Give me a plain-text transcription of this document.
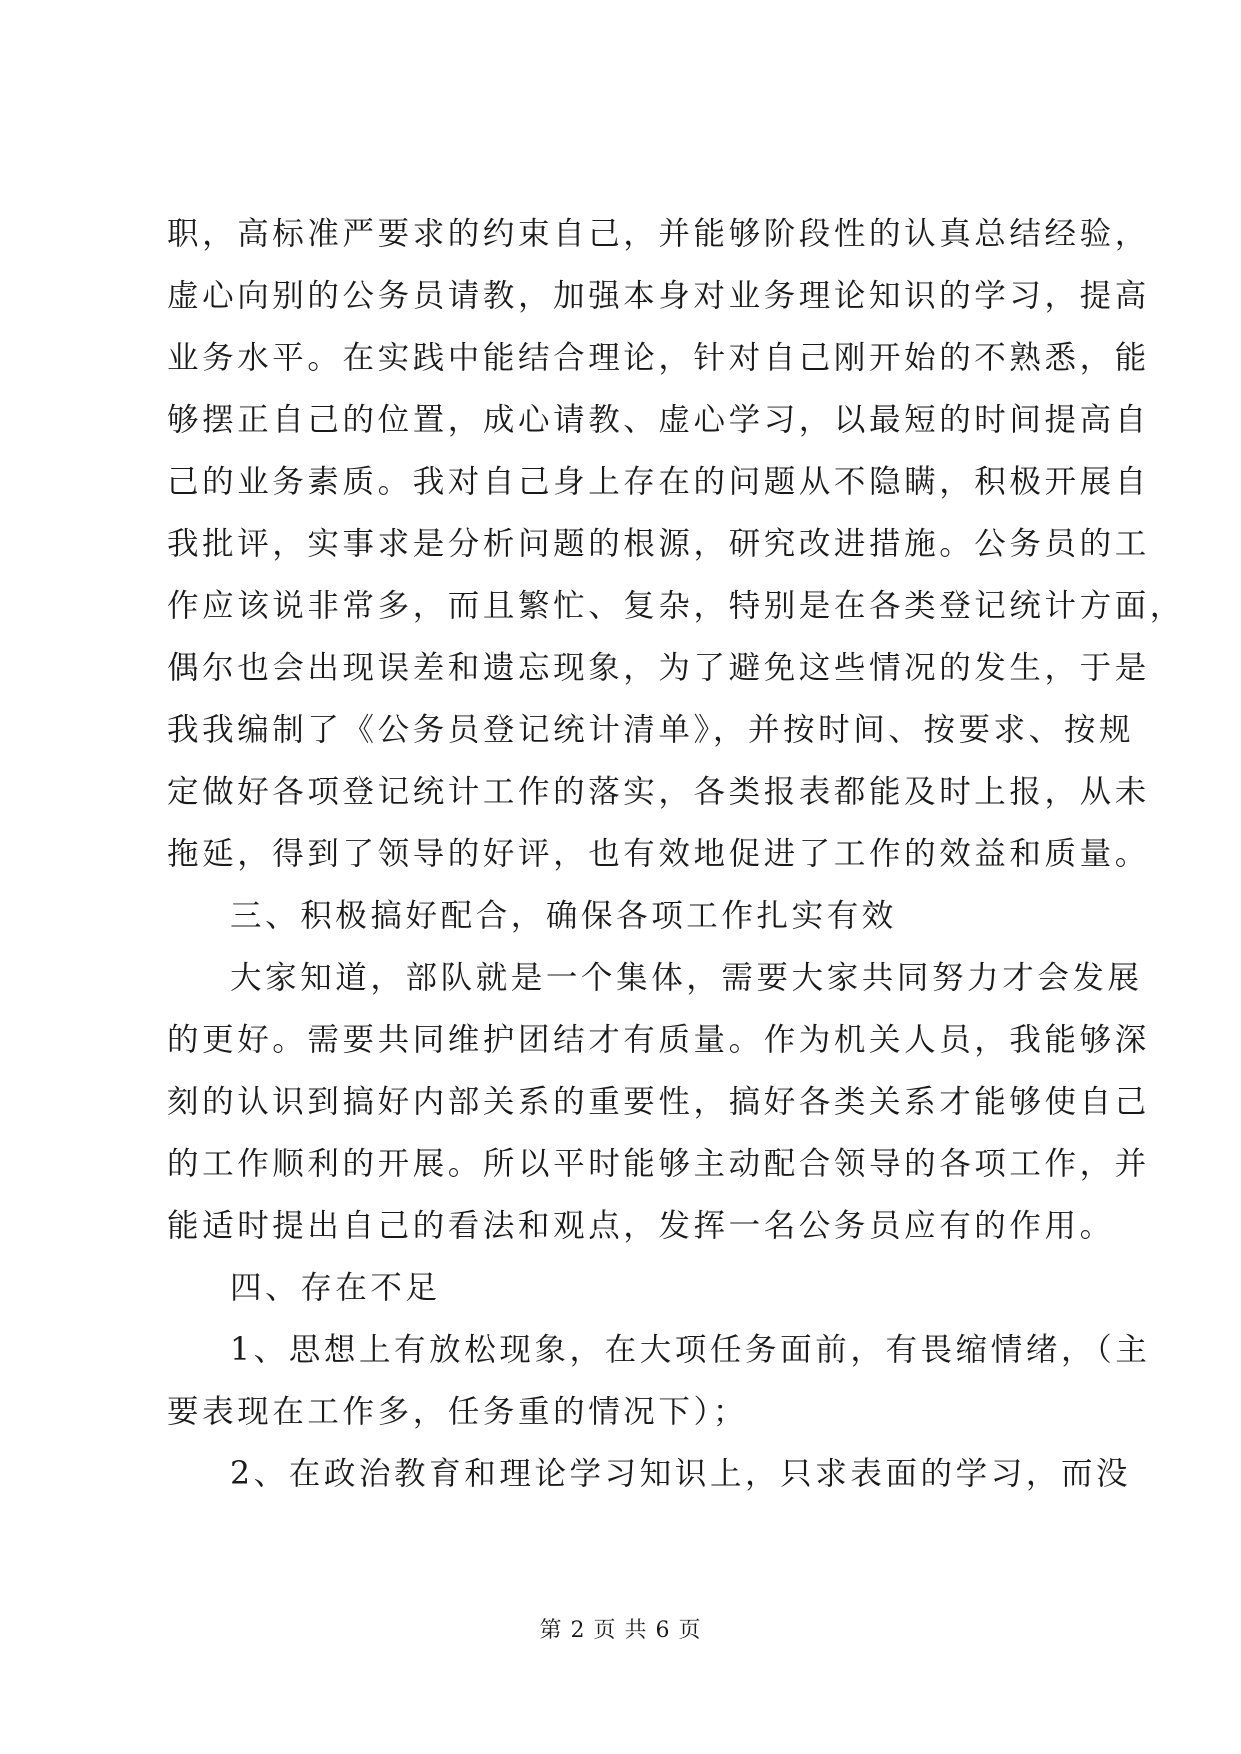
职，高标准严要求的约束自己，并能够阶段性的认真总结经验，
虚心向别的公务员请教，加强本身对业务理论知识的学习，提高
业务水平。在实践中能结合理论，针对自己刚开始的不熟悉，能
够摆正自己的位置，成心请教、虚心学习，以最短的时间提高自
己的业务素质。我对自己身上存在的问题从不隐瞒，积极开展自
我批评，实事求是分析问题的根源，研究改进措施。公务员的工
作应该说非常多，而且繁忙、复杂，特别是在各类登记统计方面，
偶尔也会出现误差和遗忘现象，为了避免这些情况的发生，于是
我我编制了《公务员登记统计清单》，并按时间、按要求、按规
定做好各项登记统计工作的落实，各类报表都能及时上报，从未
拖延，得到了领导的好评，也有效地促进了工作的效益和质量。
三、积极搞好配合，确保各项工作扎实有效
大家知道，部队就是一个集体，需要大家共同努力才会发展
的更好。需要共同维护团结才有质量。作为机关人员，我能够深
刻的认识到搞好内部关系的重要性，搞好各类关系才能够使自己
的工作顺利的开展。所以平时能够主动配合领导的各项工作，并
能适时提出自己的看法和观点，发挥一名公务员应有的作用。
四、存在不足
1、思想上有放松现象，在大项任务面前，有畏缩情绪，（主
要表现在工作多，任务重的情况下）；
2、在政治教育和理论学习知识上，只求表面的学习，而没
第 2 页 共 6 页
